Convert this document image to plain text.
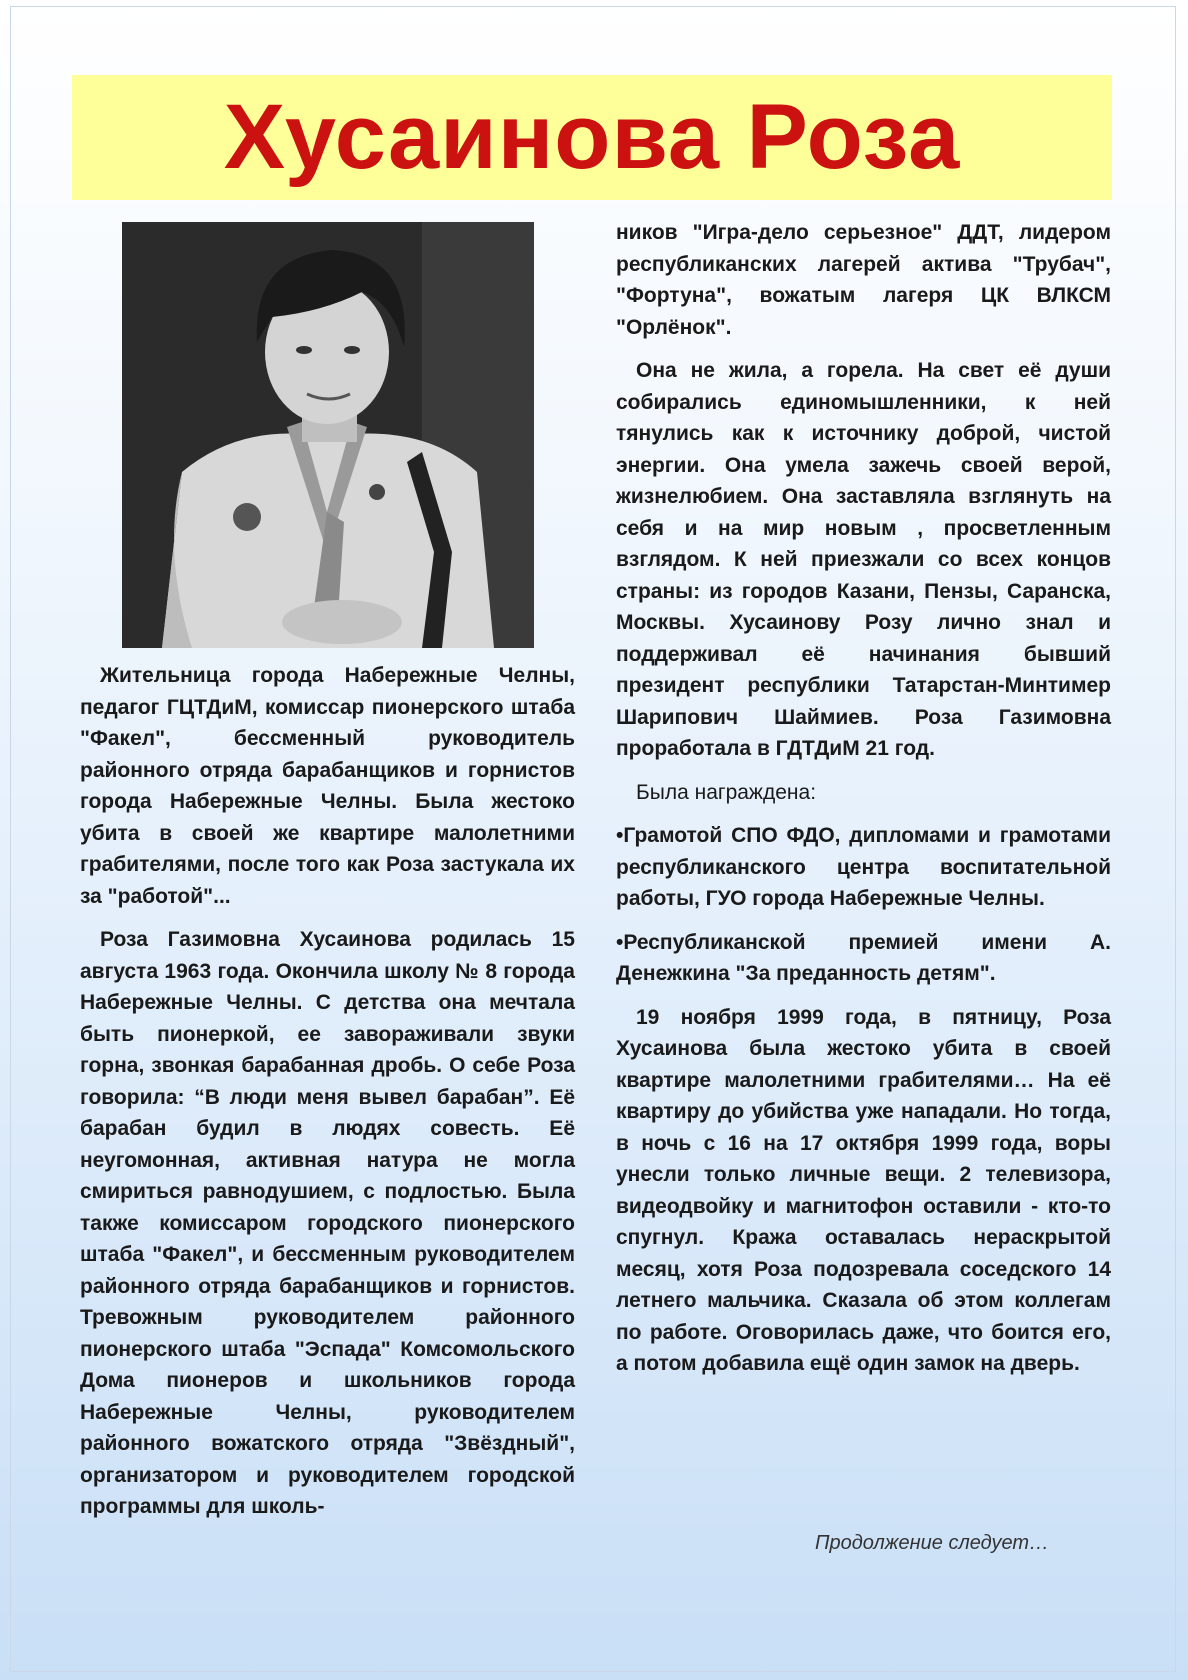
Хусаинова Роза

Жительница города Набережные Челны, педагог ГЦТДиМ, комиссар пионерского штаба "Факел", бессменный руководитель районного отряда барабанщиков и горнистов города Набережные Челны. Была жестоко убита в своей же квартире малолетними грабителями, после того как Роза застукала их за "работой"...

Роза Газимовна Хусаинова родилась 15 августа 1963 года. Окончила школу № 8 города Набережные Челны. С детства она мечтала быть пионеркой, ее завораживали звуки горна, звонкая барабанная дробь. О себе Роза говорила: “В люди меня вывел барабан”. Её барабан будил в людях совесть. Её неугомонная, активная натура не могла смириться равнодушием, с подлостью. Была также комиссаром городского пионерского штаба "Факел", и бессменным руководителем районного отряда барабанщиков и горнистов. Тревожным руководителем районного пионерского штаба "Эспада" Комсомольского Дома пионеров и школьников города Набережные Челны, руководителем районного вожатского отряда "Звёздный", организатором и руководителем городской программы для школь-

ников "Игра-дело серьезное" ДДТ, лидером республиканских лагерей актива "Трубач", "Фортуна", вожатым лагеря ЦК ВЛКСМ "Орлёнок".

Она не жила, а горела. На свет её души собирались единомышленники, к ней тянулись как к источнику доброй, чистой энергии. Она умела зажечь своей верой, жизнелюбием. Она заставляла взглянуть на себя и на мир новым , просветленным взглядом. К ней приезжали со всех концов страны: из городов Казани, Пензы, Саранска, Москвы. Хусаинову Розу лично знал и поддерживал её начинания бывший президент республики Татарстан-Минтимер Шарипович Шаймиев. Роза Газимовна проработала в ГДТДиМ 21 год.

Была награждена:

•Грамотой СПО ФДО, дипломами и грамотами республиканского центра воспитательной работы, ГУО города Набережные Челны.

•Республиканской премией имени А. Денежкина "За преданность детям".

19 ноября 1999 года, в пятницу, Роза Хусаинова была жестоко убита в своей квартире малолетними грабителями… На её квартиру до убийства уже нападали. Но тогда, в ночь с 16 на 17 октября 1999 года, воры унесли только личные вещи. 2 телевизора, видеодвойку и магнитофон оставили - кто-то спугнул. Кража оставалась нераскрытой месяц, хотя Роза подозревала соседского 14 летнего мальчика. Сказала об этом коллегам по работе. Оговорилась даже, что боится его, а потом добавила ещё один замок на дверь.

Продолжение следует…
